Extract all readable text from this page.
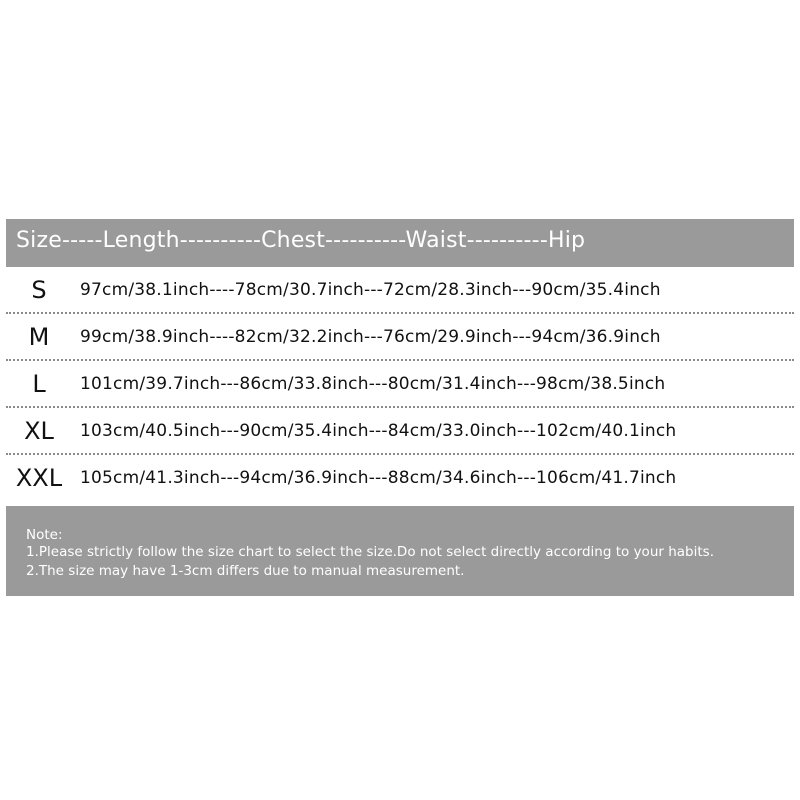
Size-----Length----------Chest----------Waist----------Hip
S	97cm/38.1inch----78cm/30.7inch---72cm/28.3inch---90cm/35.4inch
M	99cm/38.9inch----82cm/32.2inch---76cm/29.9inch---94cm/36.9inch
L	101cm/39.7inch---86cm/33.8inch---80cm/31.4inch---98cm/38.5inch
XL	103cm/40.5inch---90cm/35.4inch---84cm/33.0inch---102cm/40.1inch
XXL	105cm/41.3inch---94cm/36.9inch---88cm/34.6inch---106cm/41.7inch
Note:
1.Please strictly follow the size chart to select the size.Do not select directly according to your habits.
2.The size may have 1-3cm differs due to manual measurement.
